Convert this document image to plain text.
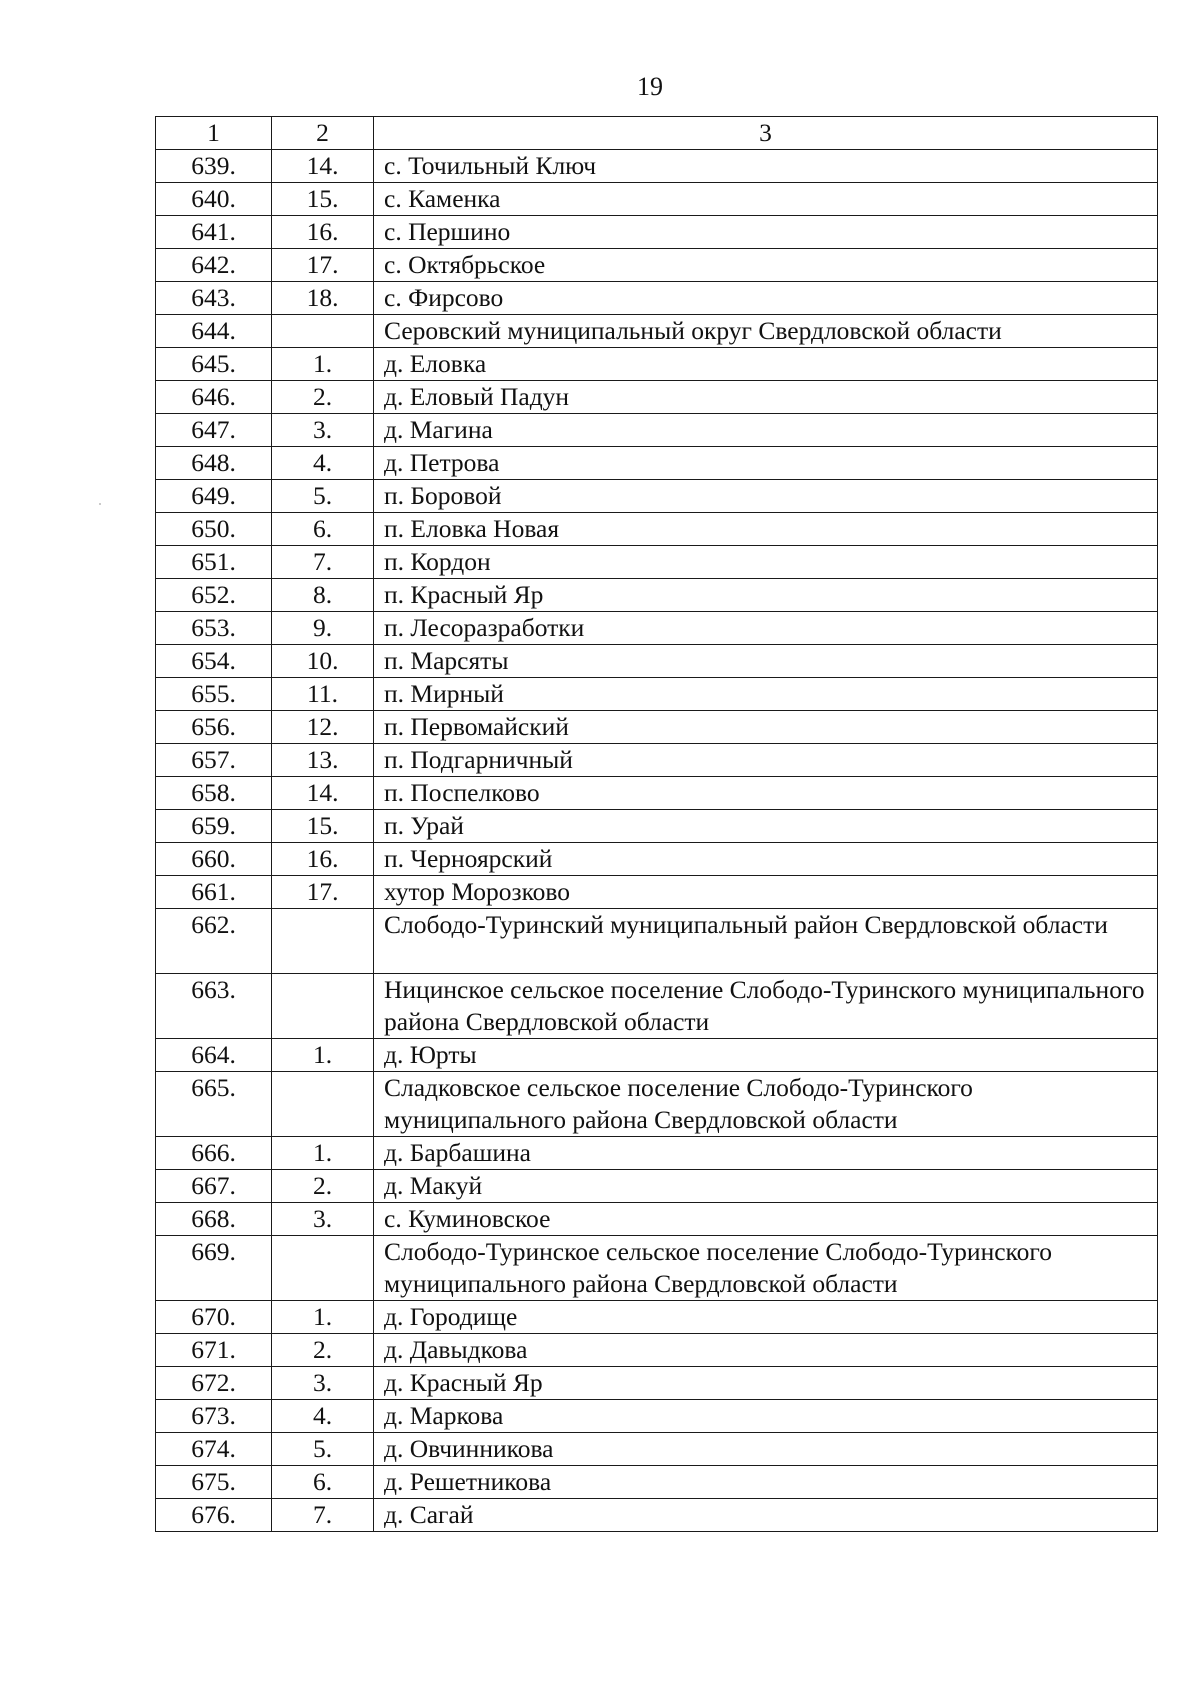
19
1	2	3
639.	14.	с. Точильный Ключ
640.	15.	с. Каменка
641.	16.	с. Першино
642.	17.	с. Октябрьское
643.	18.	с. Фирсово
644.		Серовский муниципальный округ Свердловской области
645.	1.	д. Еловка
646.	2.	д. Еловый Падун
647.	3.	д. Магина
648.	4.	д. Петрова
649.	5.	п. Боровой
650.	6.	п. Еловка Новая
651.	7.	п. Кордон
652.	8.	п. Красный Яр
653.	9.	п. Лесоразработки
654.	10.	п. Марсяты
655.	11.	п. Мирный
656.	12.	п. Первомайский
657.	13.	п. Подгарничный
658.	14.	п. Поспелково
659.	15.	п. Урай
660.	16.	п. Черноярский
661.	17.	хутор Морозково
662.		Слободо-Туринский муниципальный район Свердловской области
663.		Ницинское сельское поселение Слободо-Туринского муниципального района Свердловской области
664.	1.	д. Юрты
665.		Сладковское сельское поселение Слободо-Туринского муниципального района Свердловской области
666.	1.	д. Барбашина
667.	2.	д. Макуй
668.	3.	с. Куминовское
669.		Слободо-Туринское сельское поселение Слободо-Туринского муниципального района Свердловской области
670.	1.	д. Городище
671.	2.	д. Давыдкова
672.	3.	д. Красный Яр
673.	4.	д. Маркова
674.	5.	д. Овчинникова
675.	6.	д. Решетникова
676.	7.	д. Сагай
